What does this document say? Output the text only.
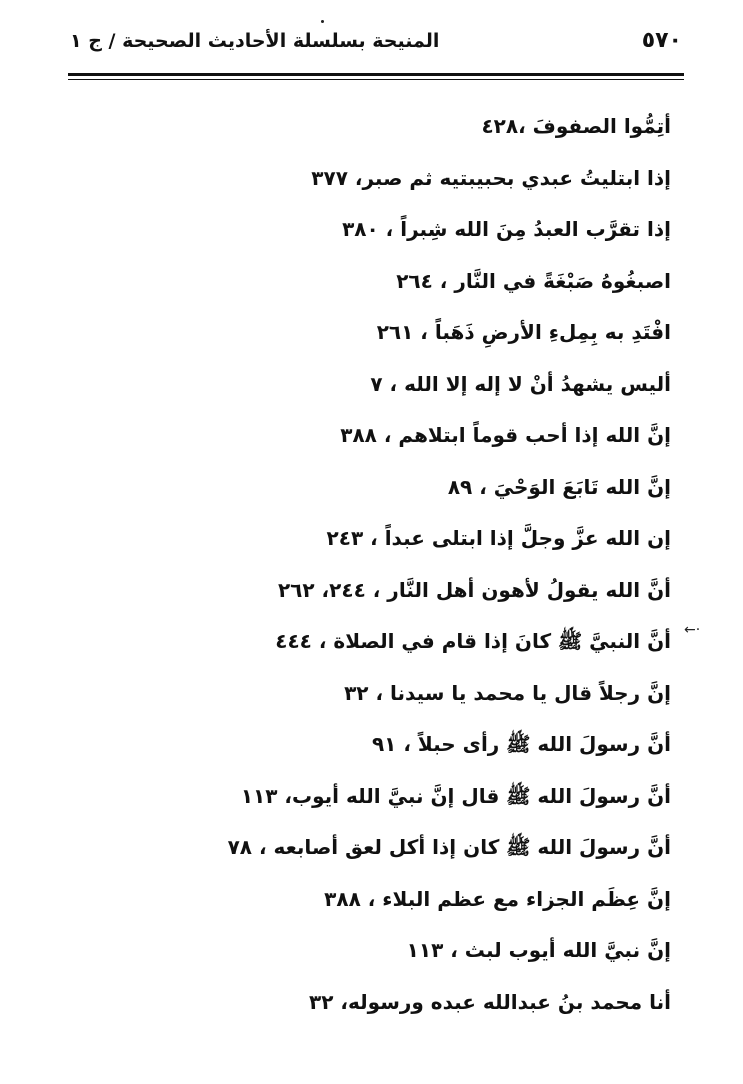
٥٧٠
المنيحة بسلسلة الأحاديث الصحيحة / ج ١
←·
أتِمُّوا الصفوفَ ،٤٢٨
إذا ابتليتُ عبدي بحبيبتيه ثم صبر، ٣٧٧
إذا تقرَّب العبدُ مِنَ الله شِبراً ، ٣٨٠
اصبغُوهُ صَبْغَةً في النَّار ، ٢٦٤
افْتَدِ به بِمِلءِ الأرضِ ذَهَباً ، ٢٦١
أليس يشهدُ أنْ لا إله إلا الله ، ٧
إنَّ الله إذا أحب قوماً ابتلاهم ، ٣٨٨
إنَّ الله تَابَعَ الوَحْيَ ، ٨٩
إن الله عزَّ وجلَّ إذا ابتلى عبداً ، ٢٤٣
أنَّ الله يقولُ لأهون أهل النَّار ، ٢٤٤، ٢٦٢
أنَّ النبيَّ ﷺ كانَ إذا قام في الصلاة ، ٤٤٤
إنَّ رجلاً قال يا محمد يا سيدنا ، ٣٢
أنَّ رسولَ الله ﷺ رأى حبلاً ، ٩١
أنَّ رسولَ الله ﷺ قال إنَّ نبيَّ الله أيوب، ١١٣
أنَّ رسولَ الله ﷺ كان إذا أكل لعق أصابعه ، ٧٨
إنَّ عِظَم الجزاء مع عظم البلاء ، ٣٨٨
إنَّ نبيَّ الله أيوب لبث ، ١١٣
أنا محمد بنُ عبدالله عبده ورسوله، ٣٢
